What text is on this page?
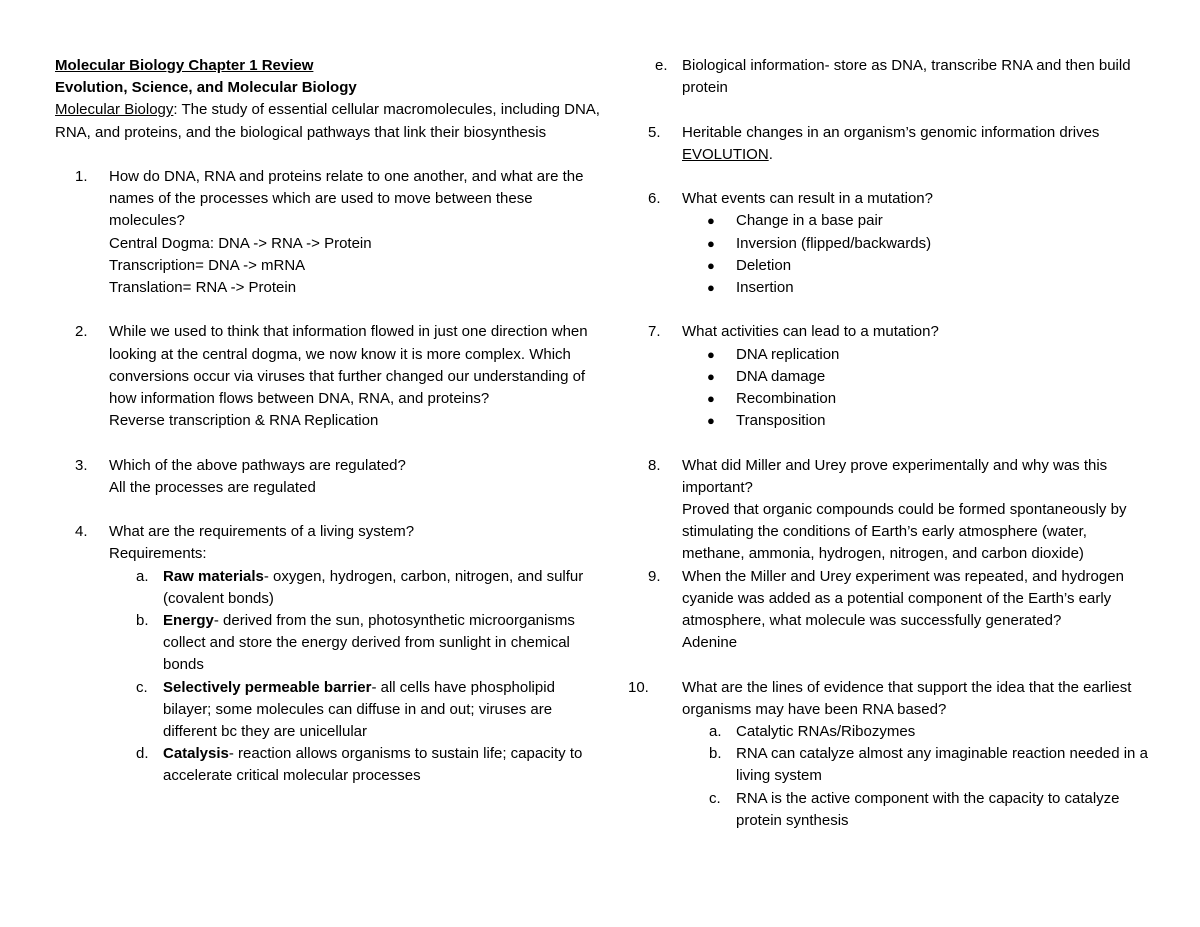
Molecular Biology Chapter 1 Review

Evolution, Science, and Molecular Biology

Molecular Biology: The study of essential cellular macromolecules, including DNA, RNA, and proteins, and the biological pathways that link their biosynthesis

1.	How do DNA, RNA and proteins relate to one another, and what are the names of the processes which are used to move between these molecules?

Central Dogma: DNA -> RNA -> Protein

Transcription= DNA -> mRNA

Translation= RNA -> Protein

2.	While we used to think that information flowed in just one direction when looking at the central dogma, we now know it is more complex. Which conversions occur via viruses that further changed our understanding of how information flows between DNA, RNA, and proteins?

Reverse transcription & RNA Replication

3.	Which of the above pathways are regulated?

All the processes are regulated

4.	What are the requirements of a living system?

Requirements:

a. Raw materials- oxygen, hydrogen, carbon, nitrogen, and sulfur (covalent bonds)

b. Energy- derived from the sun, photosynthetic microorganisms collect and store the energy derived from sunlight in chemical bonds

c. Selectively permeable barrier- all cells have phospholipid bilayer; some molecules can diffuse in and out; viruses are different bc they are unicellular

d. Catalysis- reaction allows organisms to sustain life; capacity to accelerate critical molecular processes

e. Biological information- store as DNA, transcribe RNA and then build protein

5.	Heritable changes in an organism’s genomic information drives EVOLUTION.

6.	What events can result in a mutation?

● Change in a base pair

● Inversion (flipped/backwards)

● Deletion

● Insertion

7.	What activities can lead to a mutation?

● DNA replication

● DNA damage

● Recombination

● Transposition

8.	What did Miller and Urey prove experimentally and why was this important?

Proved that organic compounds could be formed spontaneously by stimulating the conditions of Earth’s early atmosphere (water, methane, ammonia, hydrogen, nitrogen, and carbon dioxide)

9.	When the Miller and Urey experiment was repeated, and hydrogen cyanide was added as a potential component of the Earth’s early atmosphere, what molecule was successfully generated?

Adenine

10.	What are the lines of evidence that support the idea that the earliest organisms may have been RNA based?

a. Catalytic RNAs/Ribozymes

b. RNA can catalyze almost any imaginable reaction needed in a living system

c. RNA is the active component with the capacity to catalyze protein synthesis
